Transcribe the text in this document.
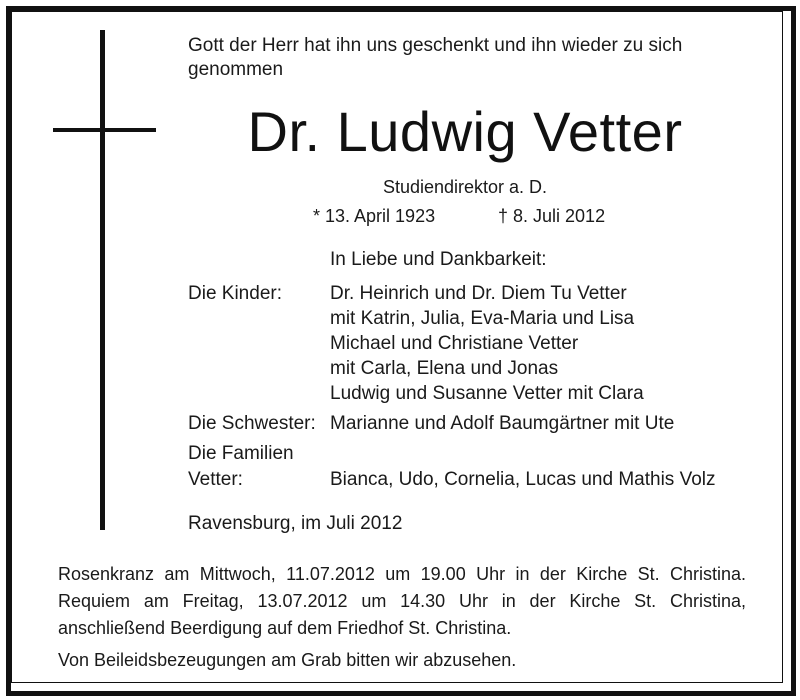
Gott der Herr hat ihn uns geschenkt und ihn wieder zu sich genommen
Dr. Ludwig Vetter
Studiendirektor a. D.
* 13. April 1923	† 8. Juli 2012
In Liebe und Dankbarkeit:
Die Kinder:	Dr. Heinrich und Dr. Diem Tu Vetter
mit Katrin, Julia, Eva-Maria und Lisa
Michael und Christiane Vetter
mit Carla, Elena und Jonas
Ludwig und Susanne Vetter mit Clara
Die Schwester: Marianne und Adolf Baumgärtner mit Ute
Die Familien
Vetter:	Bianca, Udo, Cornelia, Lucas und Mathis Volz
Ravensburg, im Juli 2012
Rosenkranz am Mittwoch, 11.07.2012 um 19.00 Uhr in der Kirche St. Christina.
Requiem am Freitag, 13.07.2012 um 14.30 Uhr in der Kirche St. Christina,
anschließend Beerdigung auf dem Friedhof St. Christina.
Von Beileidsbezeugungen am Grab bitten wir abzusehen.
